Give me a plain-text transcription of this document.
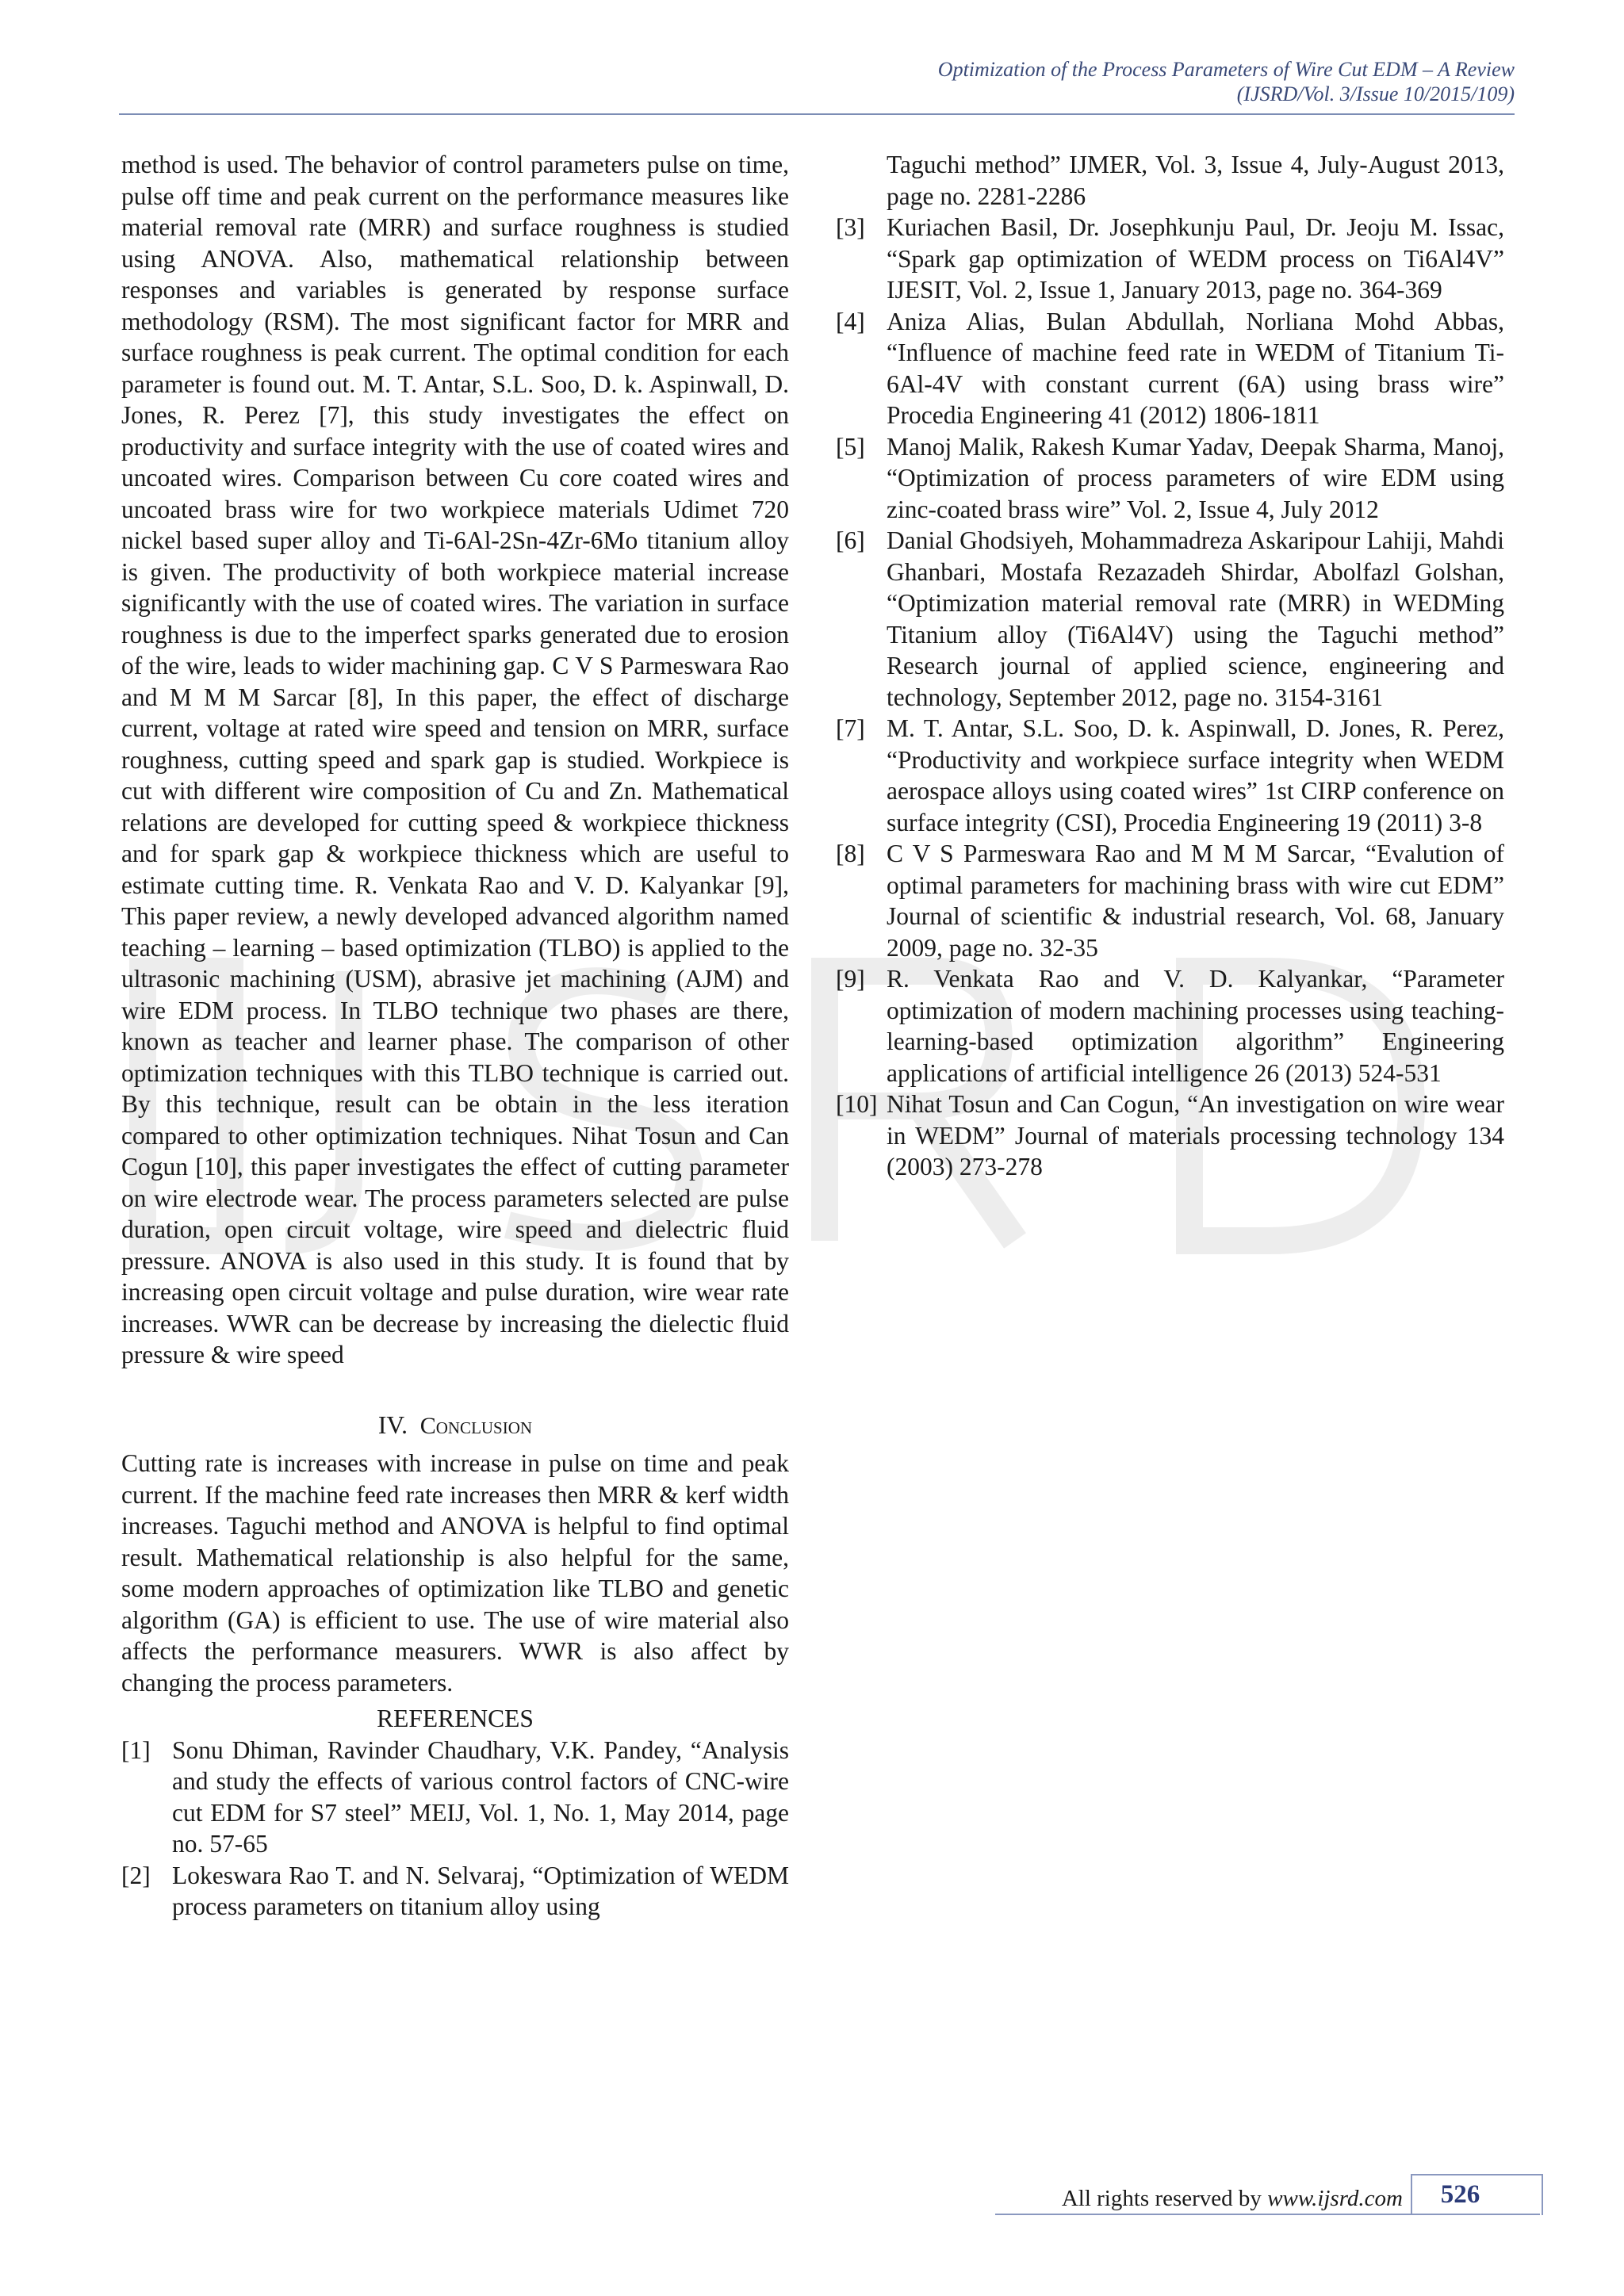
Optimization of the Process Parameters of Wire Cut EDM – A Review
(IJSRD/Vol. 3/Issue 10/2015/109)

method is used. The behavior of control parameters pulse on time, pulse off time and peak current on the performance measures like material removal rate (MRR) and surface roughness is studied using ANOVA. Also, mathematical relationship between responses and variables is generated by response surface methodology (RSM). The most significant factor for MRR and surface roughness is peak current. The optimal condition for each parameter is found out. M. T. Antar, S.L. Soo, D. k. Aspinwall, D. Jones, R. Perez [7], this study investigates the effect on productivity and surface integrity with the use of coated wires and uncoated wires. Comparison between Cu core coated wires and uncoated brass wire for two workpiece materials Udimet 720 nickel based super alloy and Ti-6Al-2Sn-4Zr-6Mo titanium alloy is given. The productivity of both workpiece material increase significantly with the use of coated wires. The variation in surface roughness is due to the imperfect sparks generated due to erosion of the wire, leads to wider machining gap. C V S Parmeswara Rao and M M M Sarcar [8], In this paper, the effect of discharge current, voltage at rated wire speed and tension on MRR, surface roughness, cutting speed and spark gap is studied. Workpiece is cut with different wire composition of Cu and Zn. Mathematical relations are developed for cutting speed & workpiece thickness and for spark gap & workpiece thickness which are useful to estimate cutting time. R. Venkata Rao and V. D. Kalyankar [9], This paper review, a newly developed advanced algorithm named teaching – learning – based optimization (TLBO) is applied to the ultrasonic machining (USM), abrasive jet machining (AJM) and wire EDM process. In TLBO technique two phases are there, known as teacher and learner phase. The comparison of other optimization techniques with this TLBO technique is carried out. By this technique, result can be obtain in the less iteration compared to other optimization techniques. Nihat Tosun and Can Cogun [10], this paper investigates the effect of cutting parameter on wire electrode wear. The process parameters selected are pulse duration, open circuit voltage, wire speed and dielectric fluid pressure. ANOVA is also used in this study. It is found that by increasing open circuit voltage and pulse duration, wire wear rate increases. WWR can be decrease by increasing the dielectic fluid pressure & wire speed

IV. Conclusion

Cutting rate is increases with increase in pulse on time and peak current. If the machine feed rate increases then MRR & kerf width increases. Taguchi method and ANOVA is helpful to find optimal result. Mathematical relationship is also helpful for the same, some modern approaches of optimization like TLBO and genetic algorithm (GA) is efficient to use. The use of wire material also affects the performance measurers. WWR is also affect by changing the process parameters.

REFERENCES
[1] Sonu Dhiman, Ravinder Chaudhary, V.K. Pandey, “Analysis and study the effects of various control factors of CNC-wire cut EDM for S7 steel” MEIJ, Vol. 1, No. 1, May 2014, page no. 57-65
[2] Lokeswara Rao T. and N. Selvaraj, “Optimization of WEDM process parameters on titanium alloy using
Taguchi method” IJMER, Vol. 3, Issue 4, July-August 2013, page no. 2281-2286
[3] Kuriachen Basil, Dr. Josephkunju Paul, Dr. Jeoju M. Issac, “Spark gap optimization of WEDM process on Ti6Al4V” IJESIT, Vol. 2, Issue 1, January 2013, page no. 364-369
[4] Aniza Alias, Bulan Abdullah, Norliana Mohd Abbas, “Influence of machine feed rate in WEDM of Titanium Ti-6Al-4V with constant current (6A) using brass wire” Procedia Engineering 41 (2012) 1806-1811
[5] Manoj Malik, Rakesh Kumar Yadav, Deepak Sharma, Manoj, “Optimization of process parameters of wire EDM using zinc-coated brass wire” Vol. 2, Issue 4, July 2012
[6] Danial Ghodsiyeh, Mohammadreza Askaripour Lahiji, Mahdi Ghanbari, Mostafa Rezazadeh Shirdar, Abolfazl Golshan, “Optimization material removal rate (MRR) in WEDMing Titanium alloy (Ti6Al4V) using the Taguchi method” Research journal of applied science, engineering and technology, September 2012, page no. 3154-3161
[7] M. T. Antar, S.L. Soo, D. k. Aspinwall, D. Jones, R. Perez, “Productivity and workpiece surface integrity when WEDM aerospace alloys using coated wires” 1st CIRP conference on surface integrity (CSI), Procedia Engineering 19 (2011) 3-8
[8] C V S Parmeswara Rao and M M M Sarcar, “Evalution of optimal parameters for machining brass with wire cut EDM” Journal of scientific & industrial research, Vol. 68, January 2009, page no. 32-35
[9] R. Venkata Rao and V. D. Kalyankar, “Parameter optimization of modern machining processes using teaching-learning-based optimization algorithm” Engineering applications of artificial intelligence 26 (2013) 524-531
[10] Nihat Tosun and Can Cogun, “An investigation on wire wear in WEDM” Journal of materials processing technology 134 (2003) 273-278
All rights reserved by www.ijsrd.com	526
